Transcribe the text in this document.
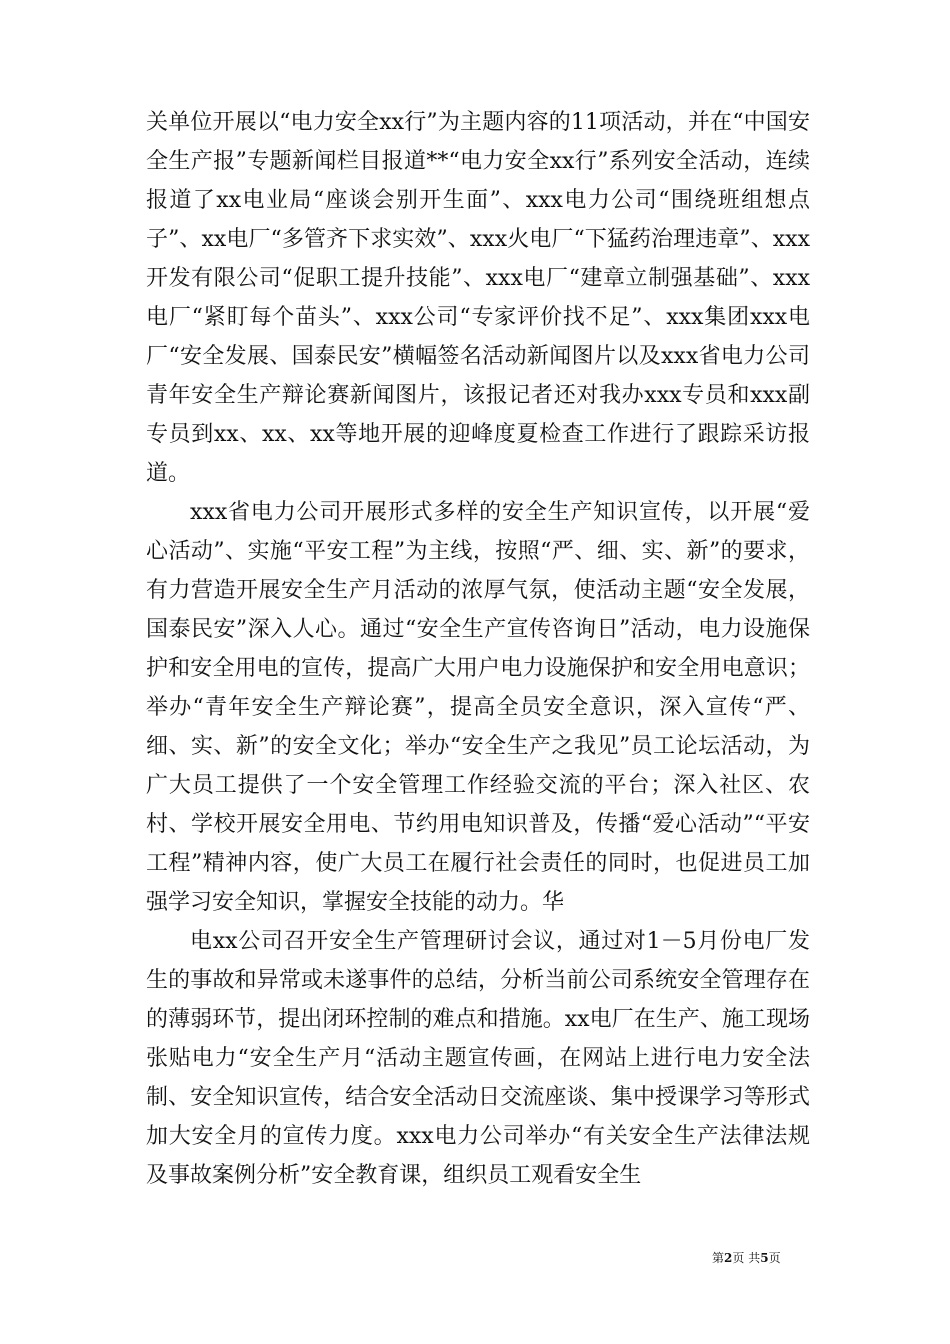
关单位开展以“电力安全xx行”为主题内容的11项活动，并在“中国安全生产报”专题新闻栏目报道**“电力安全xx行”系列安全活动，连续报道了xx电业局“座谈会别开生面”、xxx电力公司“围绕班组想点子”、xx电厂“多管齐下求实效”、xxx火电厂“下猛药治理违章”、xxx开发有限公司“促职工提升技能”、xxx电厂“建章立制强基础”、xxx电厂“紧盯每个苗头”、xxx公司“专家评价找不足”、xxx集团xxx电厂“安全发展、国泰民安”横幅签名活动新闻图片以及xxx省电力公司青年安全生产辩论赛新闻图片，该报记者还对我办xxx专员和xxx副专员到xx、xx、xx等地开展的迎峰度夏检查工作进行了跟踪采访报道。

xxx省电力公司开展形式多样的安全生产知识宣传，以开展“爱心活动”、实施“平安工程”为主线，按照“严、细、实、新”的要求，有力营造开展安全生产月活动的浓厚气氛，使活动主题“安全发展，国泰民安”深入人心。通过“安全生产宣传咨询日”活动，电力设施保护和安全用电的宣传，提高广大用户电力设施保护和安全用电意识；举办“青年安全生产辩论赛”，提高全员安全意识，深入宣传“严、细、实、新”的安全文化；举办“安全生产之我见”员工论坛活动，为广大员工提供了一个安全管理工作经验交流的平台；深入社区、农村、学校开展安全用电、节约用电知识普及，传播“爱心活动”“平安工程”精神内容，使广大员工在履行社会责任的同时，也促进员工加强学习安全知识，掌握安全技能的动力。华

电xx公司召开安全生产管理研讨会议，通过对1－5月份电厂发生的事故和异常或未遂事件的总结，分析当前公司系统安全管理存在的薄弱环节，提出闭环控制的难点和措施。xx电厂在生产、施工现场张贴电力“安全生产月“活动主题宣传画，在网站上进行电力安全法制、安全知识宣传，结合安全活动日交流座谈、集中授课学习等形式加大安全月的宣传力度。xxx电力公司举办“有关安全生产法律法规及事故案例分析”安全教育课，组织员工观看安全生

第2页 共5页
